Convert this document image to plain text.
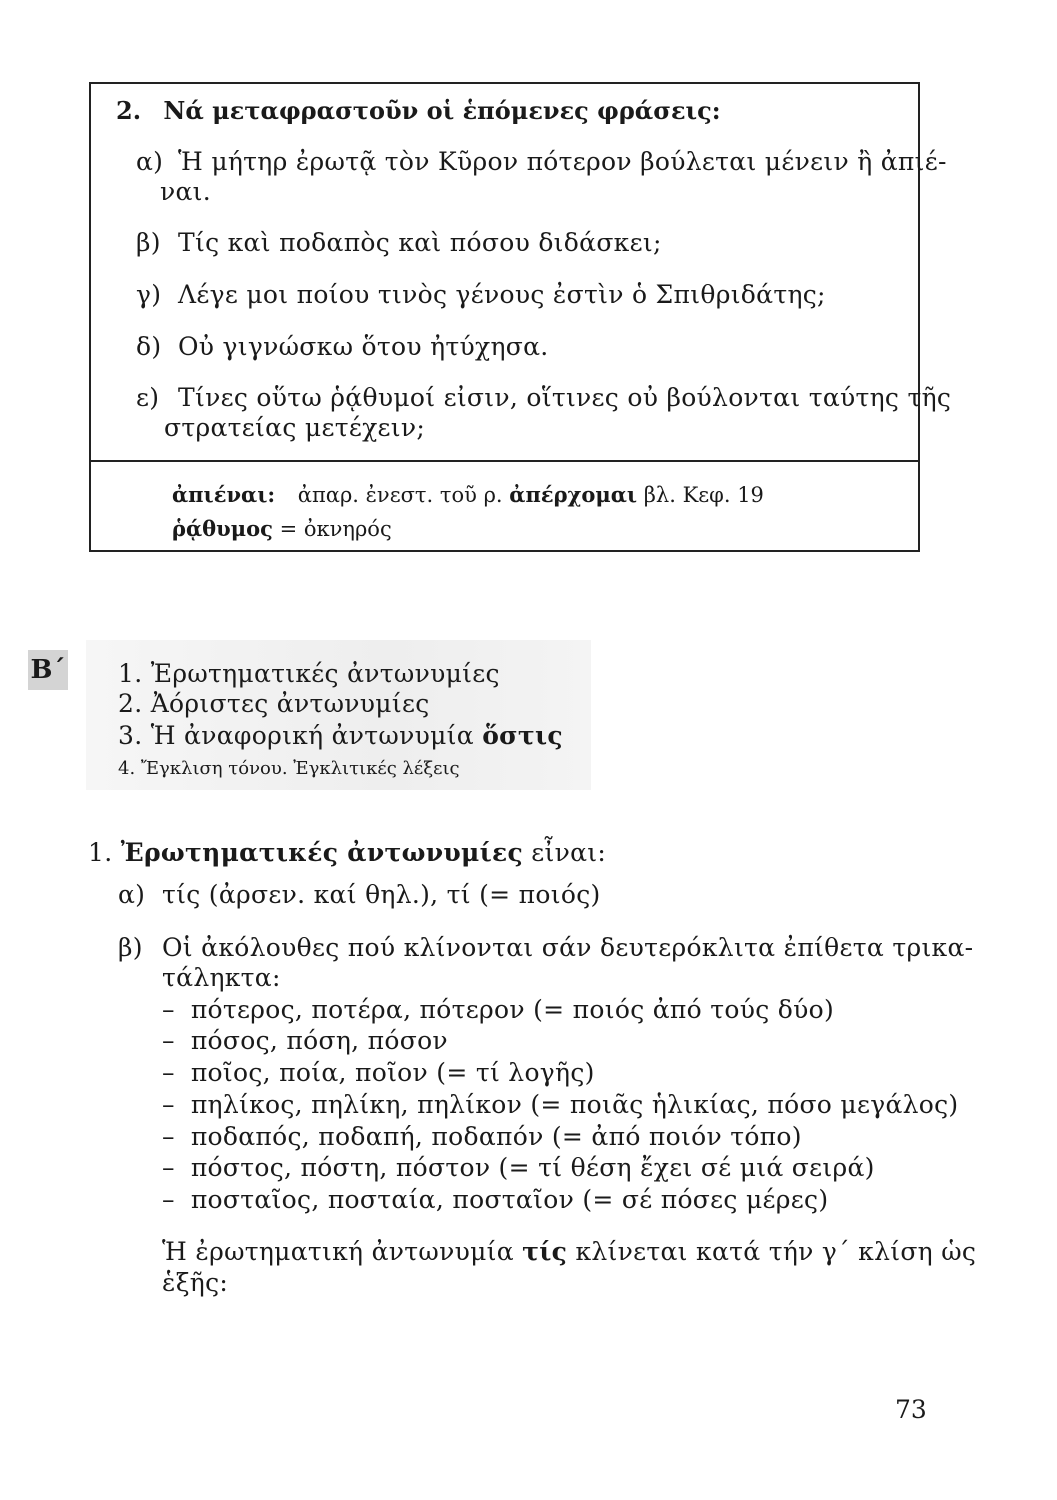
2. Νά μεταφραστοῦν οἱ ἑπόμενες φράσεις:
α) Ἡ μήτηρ ἐρωτᾷ τὸν Κῦρον πότερον βούλεται μένειν ἢ ἀπιέ-
ναι.
β) Τίς καὶ ποδαπὸς καὶ πόσου διδάσκει;
γ) Λέγε μοι ποίου τινὸς γένους ἐστὶν ὁ Σπιθριδάτης;
δ) Οὐ γιγνώσκω ὅτου ἠτύχησα.
ε) Τίνες οὕτω ῥᾴθυμοί εἰσιν, οἵτινες οὐ βούλονται ταύτης τῆς
στρατείας μετέχειν;
ἀπιέναι: ἀπαρ. ἐνεστ. τοῦ ρ. ἀπέρχομαι βλ. Κεφ. 19
ῥᾴθυμος = ὀκνηρός
Β΄ 1. Ἐρωτηματικές ἀντωνυμίες
2. Ἀόριστες ἀντωνυμίες
3. Ἡ ἀναφορική ἀντωνυμία ὅστις
4. Ἔγκλιση τόνου. Ἐγκλιτικές λέξεις
1. Ἐρωτηματικές ἀντωνυμίες εἶναι:
α) τίς (ἀρσεν. καί θηλ.), τί (= ποιός)
β) Οἱ ἀκόλουθες πού κλίνονται σάν δευτερόκλιτα ἐπίθετα τρικα-
τάληκτα:
– πότερος, ποτέρα, πότερον (= ποιός ἀπό τούς δύο)
– πόσος, πόση, πόσον
– ποῖος, ποία, ποῖον (= τί λογῆς)
– πηλίκος, πηλίκη, πηλίκον (= ποιᾶς ἡλικίας, πόσο μεγάλος)
– ποδαπός, ποδαπή, ποδαπόν (= ἀπό ποιόν τόπο)
– πόστος, πόστη, πόστον (= τί θέση ἔχει σέ μιά σειρά)
– ποσταῖος, ποσταία, ποσταῖον (= σέ πόσες μέρες)
Ἡ ἐρωτηματική ἀντωνυμία τίς κλίνεται κατά τήν γ΄ κλίση ὡς
ἑξῆς:
73
